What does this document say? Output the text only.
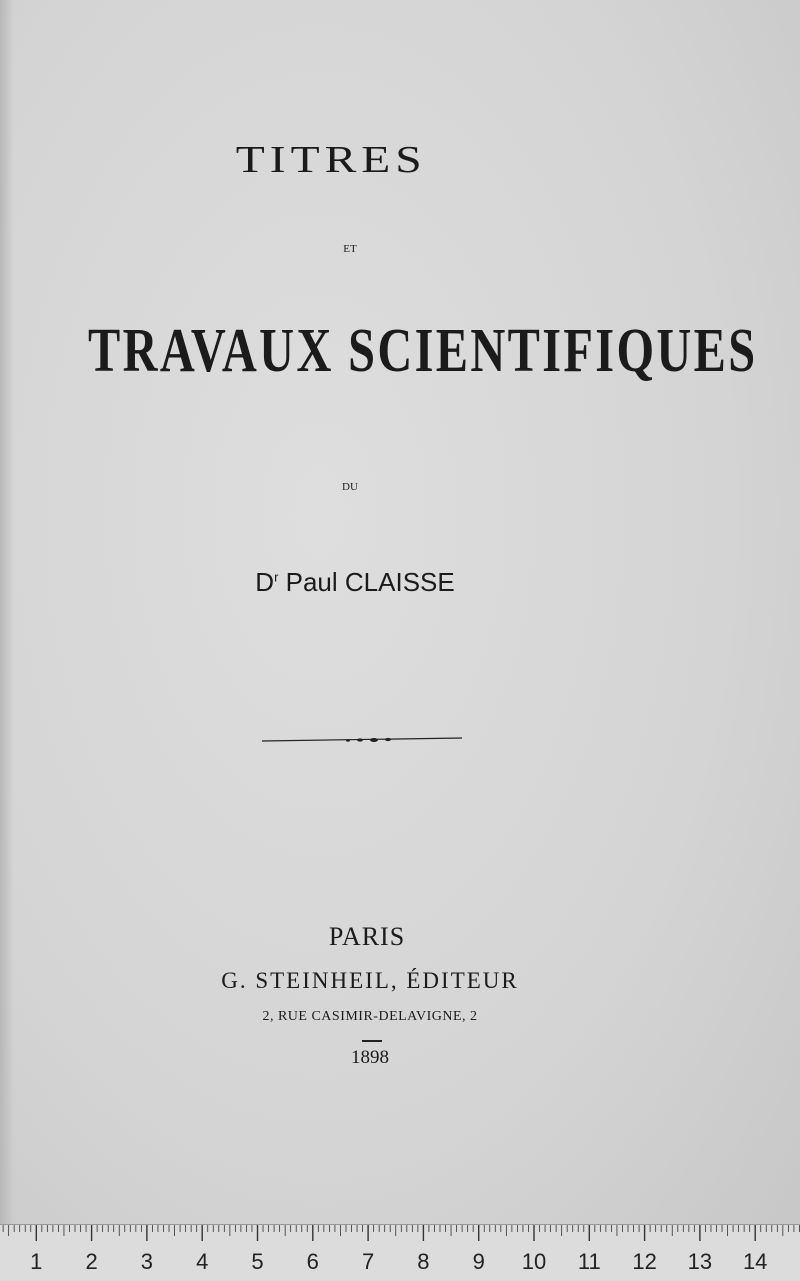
TITRES
ET
TRAVAUX SCIENTIFIQUES
DU
$D^r$ Paul CLAISSE
PARIS
G. STEINHEIL, ÉDITEUR
2, RUE CASIMIR-DELAVIGNE, 2
1898
1 2 3 4 5 6 7 8 9 10 11 12 13 14
